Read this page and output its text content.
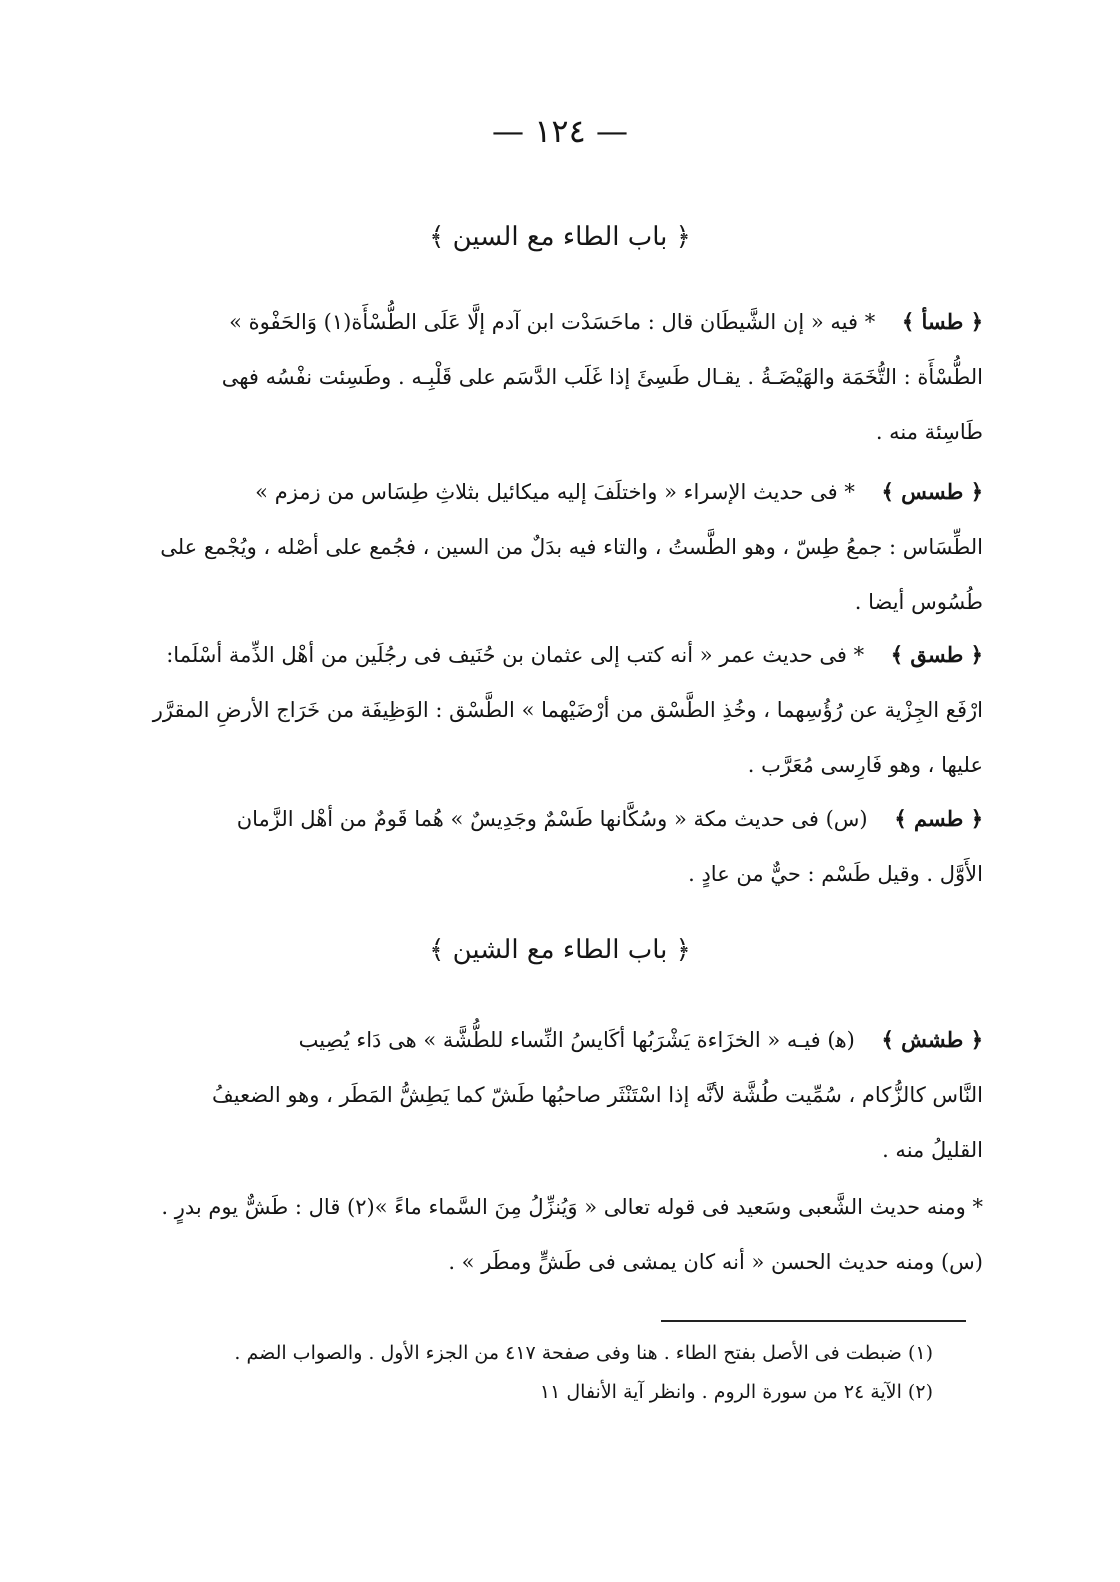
— ١٢٤ —
﴿ باب الطاء مع السين ﴾

﴿ طسأ ﴾    * فيه « إن الشَّيطَان قال : ماحَسَدْت ابن آدم إلَّا عَلَى الطُّسْأَة(١) وَالحَفْوة »

الطُّسْأَة : التُّخَمَة والهَيْضَـةُ . يقـال طَسِئَ إذا غَلَب الدَّسَم على قَلْبِـه . وطَسِئت نفْسُه فهى

طَاسِئة منه .

﴿ طسس ﴾    * فى حديث الإسراء « واختلَفَ إليه ميكائيل بثلاثِ طِسَاس من زمزم »

الطِّسَاس : جمعُ طِسّ ، وهو الطَّستُ ، والتاء فيه بدَلٌ من السين ، فجُمع على أصْله ، ويُجْمع على

طُسُوس أيضا .

﴿ طسق ﴾    * فى حديث عمر « أنه كتب إلى عثمان بن حُنَيف فى رجُلَين من أهْل الذِّمة أسْلَما:

ارْفَع الجِزْية عن رُؤُسِهما ، وخُذِ الطَّسْق من أرْضَيْهما » الطَّسْق : الوَظِيفَة من خَرَاج الأرضِ المقرَّر

عليها ، وهو فَارِسى مُعَرَّب .

﴿ طسم ﴾    (س) فى حديث مكة « وسُكَّانها طَسْمٌ وجَدِيسٌ » هُما قَومٌ من أهْل الزَّمان

الأَوَّل . وقيل طَسْم : حيٌّ من عادٍ .

﴿ باب الطاء مع الشين ﴾

﴿ طشش ﴾    (ﻫ) فيـه « الخزَاءة يَشْرَبُها أكَايسُ النِّساء للطُّشَّة » هى دَاء يُصِيب

النَّاس كالزُّكام ، سُمِّيت طُشَّة لأنَّه إذا اسْتَنْثَر صاحبُها طَشّ كما يَطِشُّ المَطَر ، وهو الضعيفُ

القليلُ منه .

* ومنه حديث الشَّعبى وسَعيد فى قوله تعالى « وَيُنزِّلُ مِنَ السَّماء ماءً »(٢) قال : طَشٌّ يوم بدرٍ .

(س) ومنه حديث الحسن « أنه كان يمشى فى طَشٍّ ومطَر » .

(١) ضبطت فى الأصل بفتح الطاء . هنا وفى صفحة ٤١٧ من الجزء الأول . والصواب الضم .

(٢) الآية ٢٤ من سورة الروم . وانظر آية الأنفال ١١
